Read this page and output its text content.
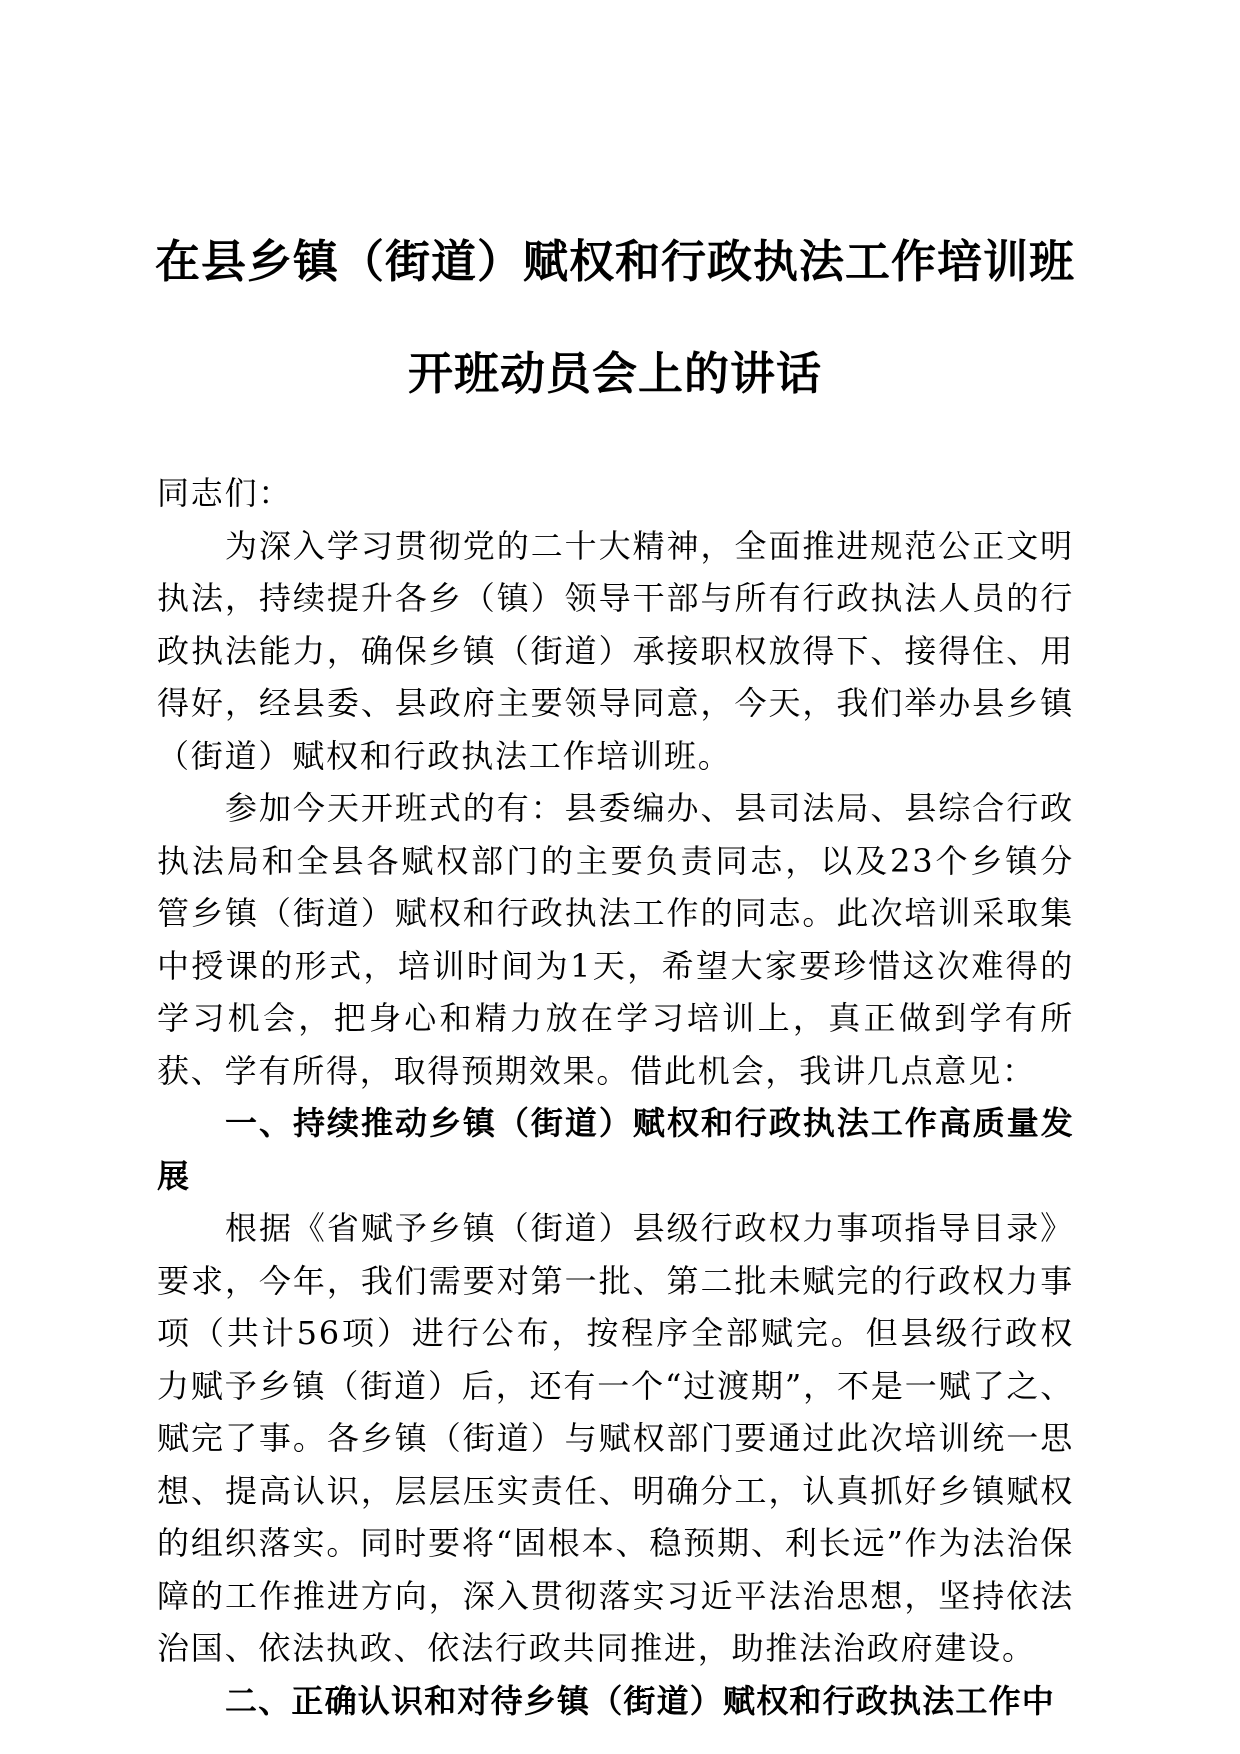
在县乡镇（街道）赋权和行政执法工作培训班
开班动员会上的讲话

同志们：

为深入学习贯彻党的二十大精神，全面推进规范公正文明执法，持续提升各乡（镇）领导干部与所有行政执法人员的行政执法能力，确保乡镇（街道）承接职权放得下、接得住、用得好，经县委、县政府主要领导同意，今天，我们举办县乡镇（街道）赋权和行政执法工作培训班。

参加今天开班式的有：县委编办、县司法局、县综合行政执法局和全县各赋权部门的主要负责同志，以及23个乡镇分管乡镇（街道）赋权和行政执法工作的同志。此次培训采取集中授课的形式，培训时间为1天，希望大家要珍惜这次难得的学习机会，把身心和精力放在学习培训上，真正做到学有所获、学有所得，取得预期效果。借此机会，我讲几点意见：

一、持续推动乡镇（街道）赋权和行政执法工作高质量发展

根据《省赋予乡镇（街道）县级行政权力事项指导目录》要求，今年，我们需要对第一批、第二批未赋完的行政权力事项（共计56项）进行公布，按程序全部赋完。但县级行政权力赋予乡镇（街道）后，还有一个“过渡期”，不是一赋了之、赋完了事。各乡镇（街道）与赋权部门要通过此次培训统一思想、提高认识，层层压实责任、明确分工，认真抓好乡镇赋权的组织落实。同时要将“固根本、稳预期、利长远”作为法治保障的工作推进方向，深入贯彻落实习近平法治思想，坚持依法治国、依法执政、依法行政共同推进，助推法治政府建设。

二、正确认识和对待乡镇（街道）赋权和行政执法工作中
